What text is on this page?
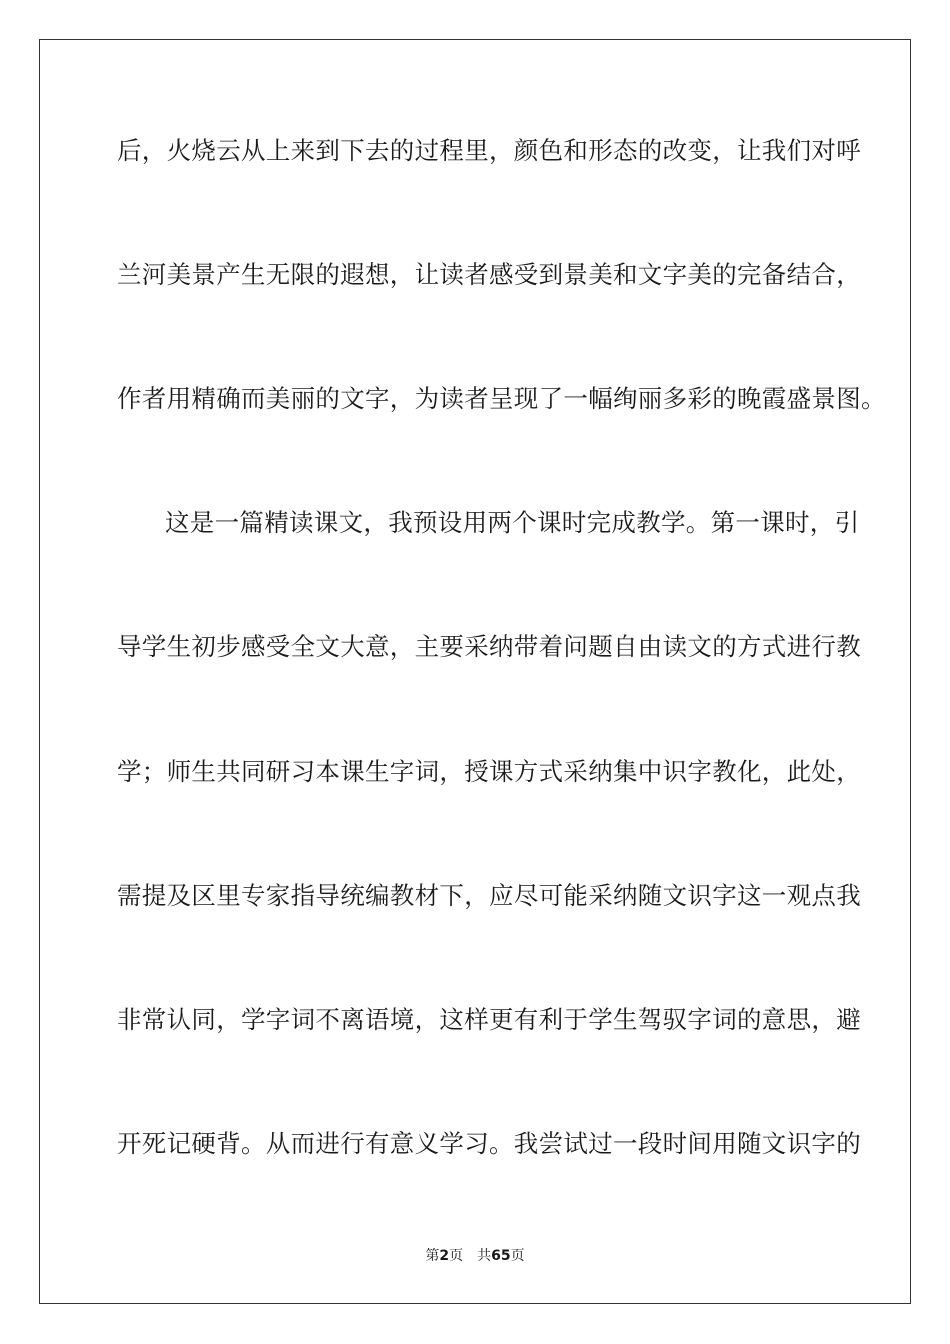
后，火烧云从上来到下去的过程里，颜色和形态的改变，让我们对呼
兰河美景产生无限的遐想，让读者感受到景美和文字美的完备结合，
作者用精确而美丽的文字，为读者呈现了一幅绚丽多彩的晚霞盛景图。
这是一篇精读课文，我预设用两个课时完成教学。第一课时，引
导学生初步感受全文大意，主要采纳带着问题自由读文的方式进行教
学；师生共同研习本课生字词，授课方式采纳集中识字教化，此处，
需提及区里专家指导统编教材下，应尽可能采纳随文识字这一观点我
非常认同，学字词不离语境，这样更有利于学生驾驭字词的意思，避
开死记硬背。从而进行有意义学习。我尝试过一段时间用随文识字的
第2页 共65页
